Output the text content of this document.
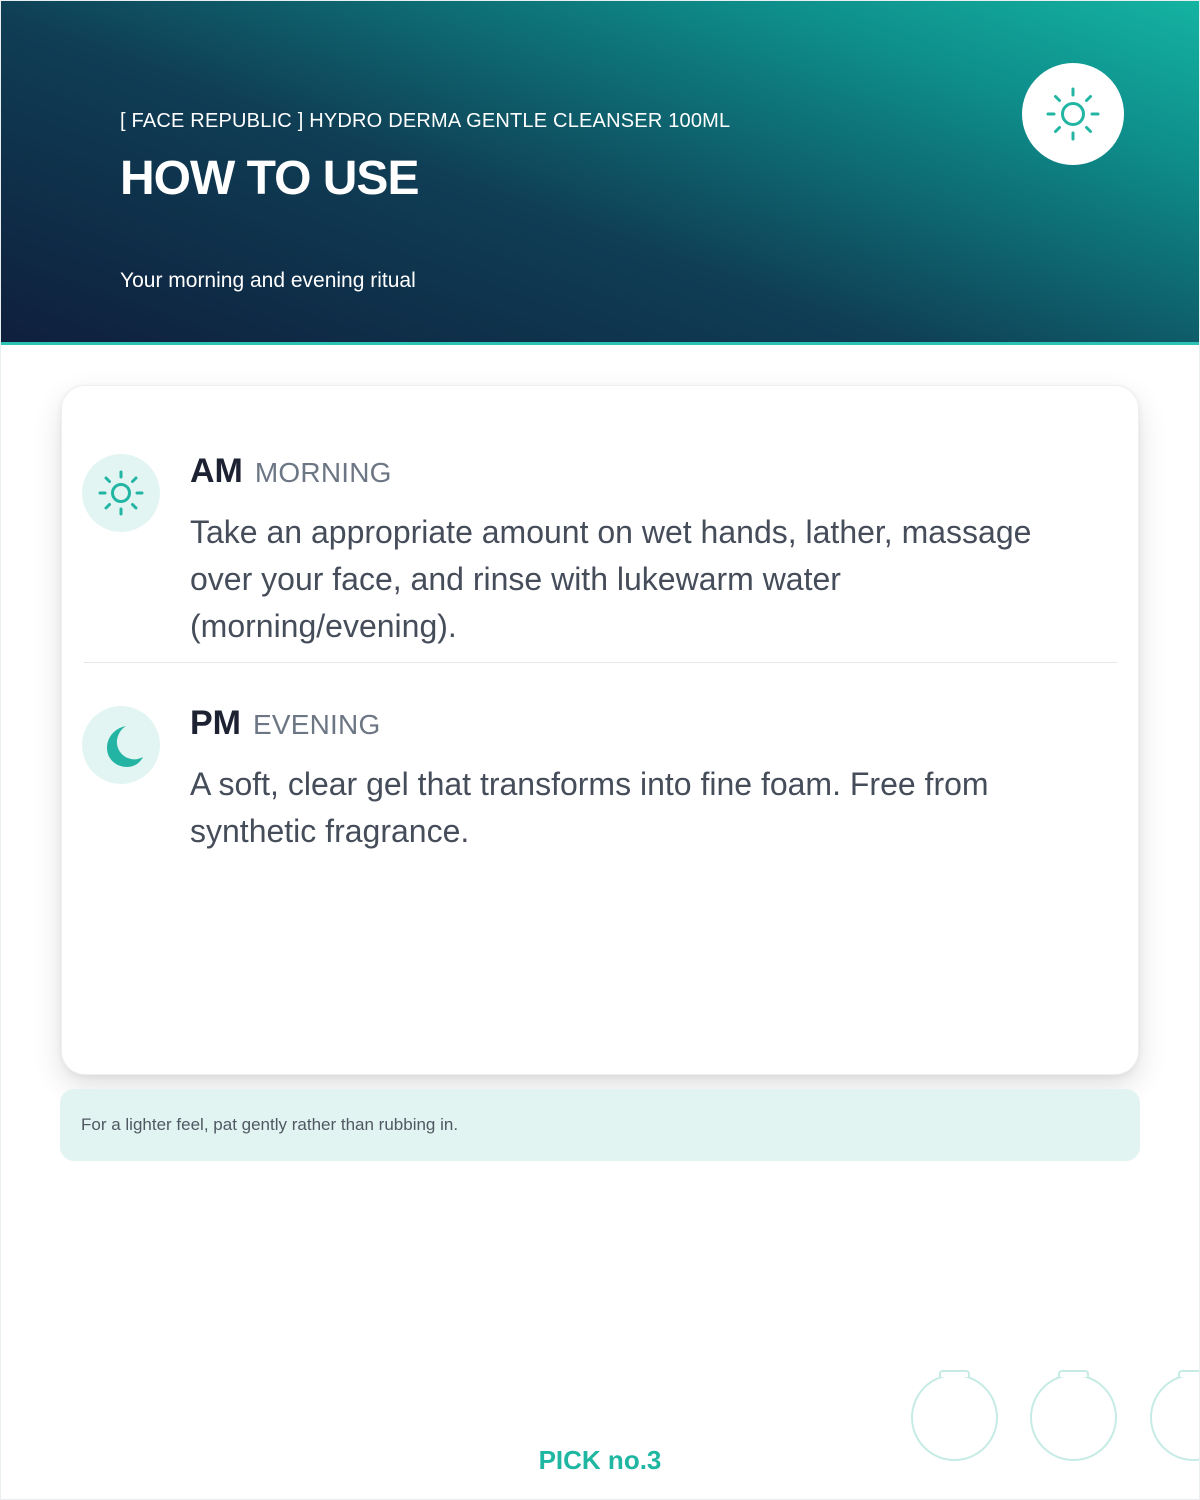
[ FACE REPUBLIC ] HYDRO DERMA GENTLE CLEANSER 100ML
HOW TO USE
Your morning and evening ritual
AM MORNING

Take an appropriate amount on wet hands, lather, massage over your face, and rinse with lukewarm water (morning/evening).

PM EVENING

A soft, clear gel that transforms into fine foam. Free from synthetic fragrance.

For a lighter feel, pat gently rather than rubbing in.
PICK no.3
